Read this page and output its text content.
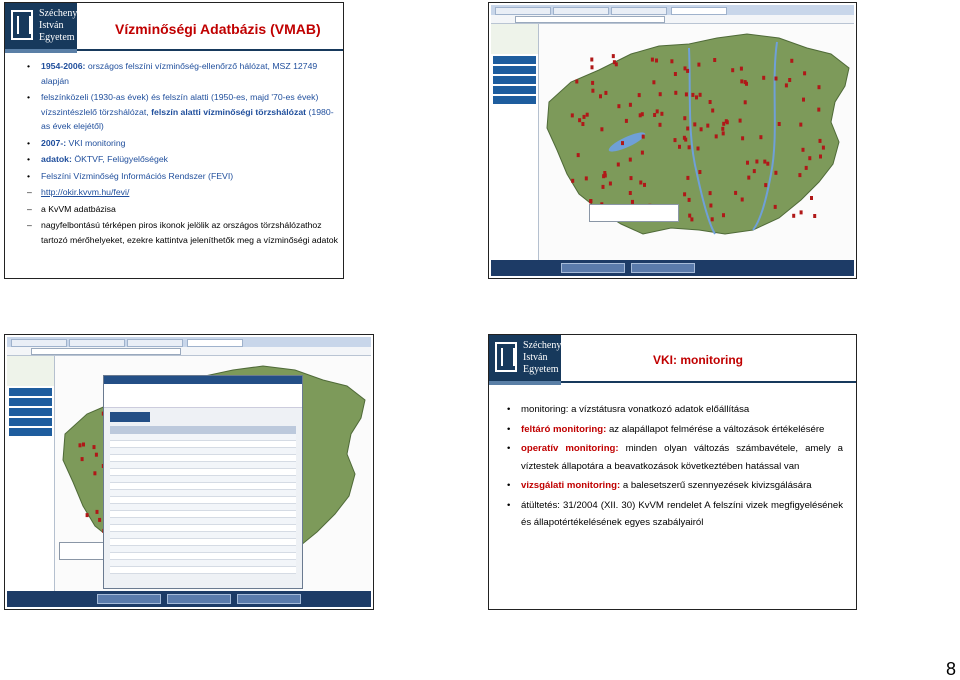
Széchenyi
István
Egyetem
Vízminőségi Adatbázis (VMAB)
• 1954-2006: országos felszíni vízminőség-ellenőrző hálózat, MSZ 12749 alapján
• felszínközeli (1930-as évek) és felszín alatti (1950-es, majd '70-es évek) vízszintészlelő törzshálózat, felszín alatti vízminőségi törzshálózat (1980-as évek elejétől)
• 2007-: VKI monitoring
• adatok: ÖKTVF, Felügyelőségek
• Felszíni Vízminőség Információs Rendszer (FEVI)
– http://okir.kvvm.hu/fevi/
– a KvVM adatbázisa
– nagyfelbontású térképen piros ikonok jelölik az országos törzshálózathoz tartozó mérőhelyeket, ezekre kattintva jeleníthetők meg a vízminőségi adatok
Széchenyi
István
Egyetem
VKI: monitoring
• monitoring: a vízstátusra vonatkozó adatok előállítása
• feltáró monitoring: az alapállapot felmérése a változások értékelésére
• operatív monitoring: minden olyan változás számbavétele, amely a víztestek állapotára a beavatkozások következtében hatással van
• vizsgálati monitoring: a balesetszerű szennyezések kivizsgálására
• átültetés: 31/2004 (XII. 30) KvVM rendelet A felszíni vizek megfigyelésének és állapotértékelésének egyes szabályairól
8
